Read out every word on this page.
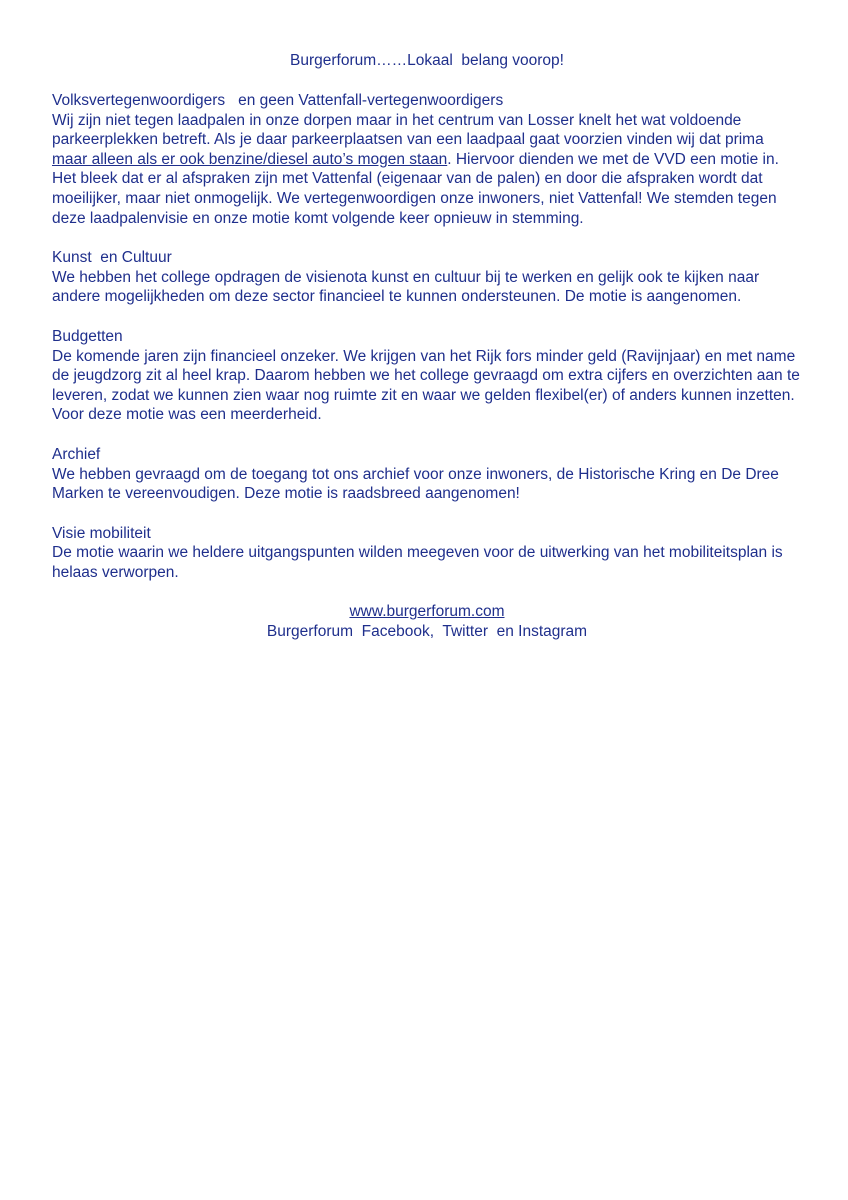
Burgerforum……Lokaal  belang voorop!

Volksvertegenwoordigers   en geen Vattenfall-vertegenwoordigers

Wij zijn niet tegen laadpalen in onze dorpen maar in het centrum van Losser knelt het wat voldoende parkeerplekken betreft. Als je daar parkeerplaatsen van een laadpaal gaat voorzien vinden wij dat prima maar alleen als er ook benzine/diesel auto’s mogen staan. Hiervoor dienden we met de VVD een motie in. Het bleek dat er al afspraken zijn met Vattenfal (eigenaar van de palen) en door die afspraken wordt dat moeilijker, maar niet onmogelijk. We vertegenwoordigen onze inwoners, niet Vattenfal! We stemden tegen deze laadpalenvisie en onze motie komt volgende keer opnieuw in stemming.

Kunst  en Cultuur

We hebben het college opdragen de visienota kunst en cultuur bij te werken en gelijk ook te kijken naar andere mogelijkheden om deze sector financieel te kunnen ondersteunen. De motie is aangenomen.

Budgetten

De komende jaren zijn financieel onzeker. We krijgen van het Rijk fors minder geld (Ravijnjaar) en met name de jeugdzorg zit al heel krap. Daarom hebben we het college gevraagd om extra cijfers en overzichten aan te leveren, zodat we kunnen zien waar nog ruimte zit en waar we gelden flexibel(er) of anders kunnen inzetten. Voor deze motie was een meerderheid.

Archief

We hebben gevraagd om de toegang tot ons archief voor onze inwoners, de Historische Kring en De Dree Marken te vereenvoudigen. Deze motie is raadsbreed aangenomen!

Visie mobiliteit

De motie waarin we heldere uitgangspunten wilden meegeven voor de uitwerking van het mobiliteitsplan is helaas verworpen.

www.burgerforum.com
Burgerforum  Facebook,  Twitter  en Instagram
